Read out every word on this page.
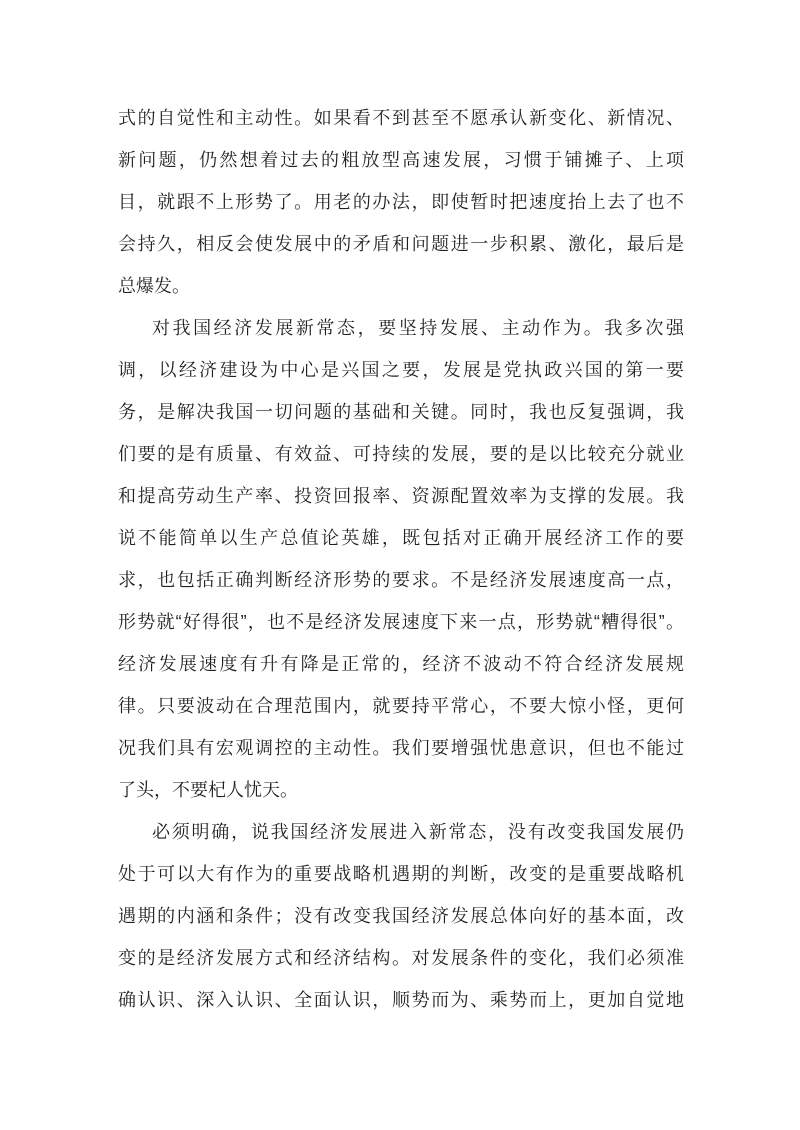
式的自觉性和主动性。如果看不到甚至不愿承认新变化、新情况、
新问题，仍然想着过去的粗放型高速发展，习惯于铺摊子、上项
目，就跟不上形势了。用老的办法，即使暂时把速度抬上去了也不
会持久，相反会使发展中的矛盾和问题进一步积累、激化，最后是
总爆发。
对我国经济发展新常态，要坚持发展、主动作为。我多次强
调，以经济建设为中心是兴国之要，发展是党执政兴国的第一要
务，是解决我国一切问题的基础和关键。同时，我也反复强调，我
们要的是有质量、有效益、可持续的发展，要的是以比较充分就业
和提高劳动生产率、投资回报率、资源配置效率为支撑的发展。我
说不能简单以生产总值论英雄，既包括对正确开展经济工作的要
求，也包括正确判断经济形势的要求。不是经济发展速度高一点，
形势就“好得很”，也不是经济发展速度下来一点，形势就“糟得很”。
经济发展速度有升有降是正常的，经济不波动不符合经济发展规
律。只要波动在合理范围内，就要持平常心，不要大惊小怪，更何
况我们具有宏观调控的主动性。我们要增强忧患意识，但也不能过
了头，不要杞人忧天。
必须明确，说我国经济发展进入新常态，没有改变我国发展仍
处于可以大有作为的重要战略机遇期的判断，改变的是重要战略机
遇期的内涵和条件；没有改变我国经济发展总体向好的基本面，改
变的是经济发展方式和经济结构。对发展条件的变化，我们必须准
确认识、深入认识、全面认识，顺势而为、乘势而上，更加自觉地
